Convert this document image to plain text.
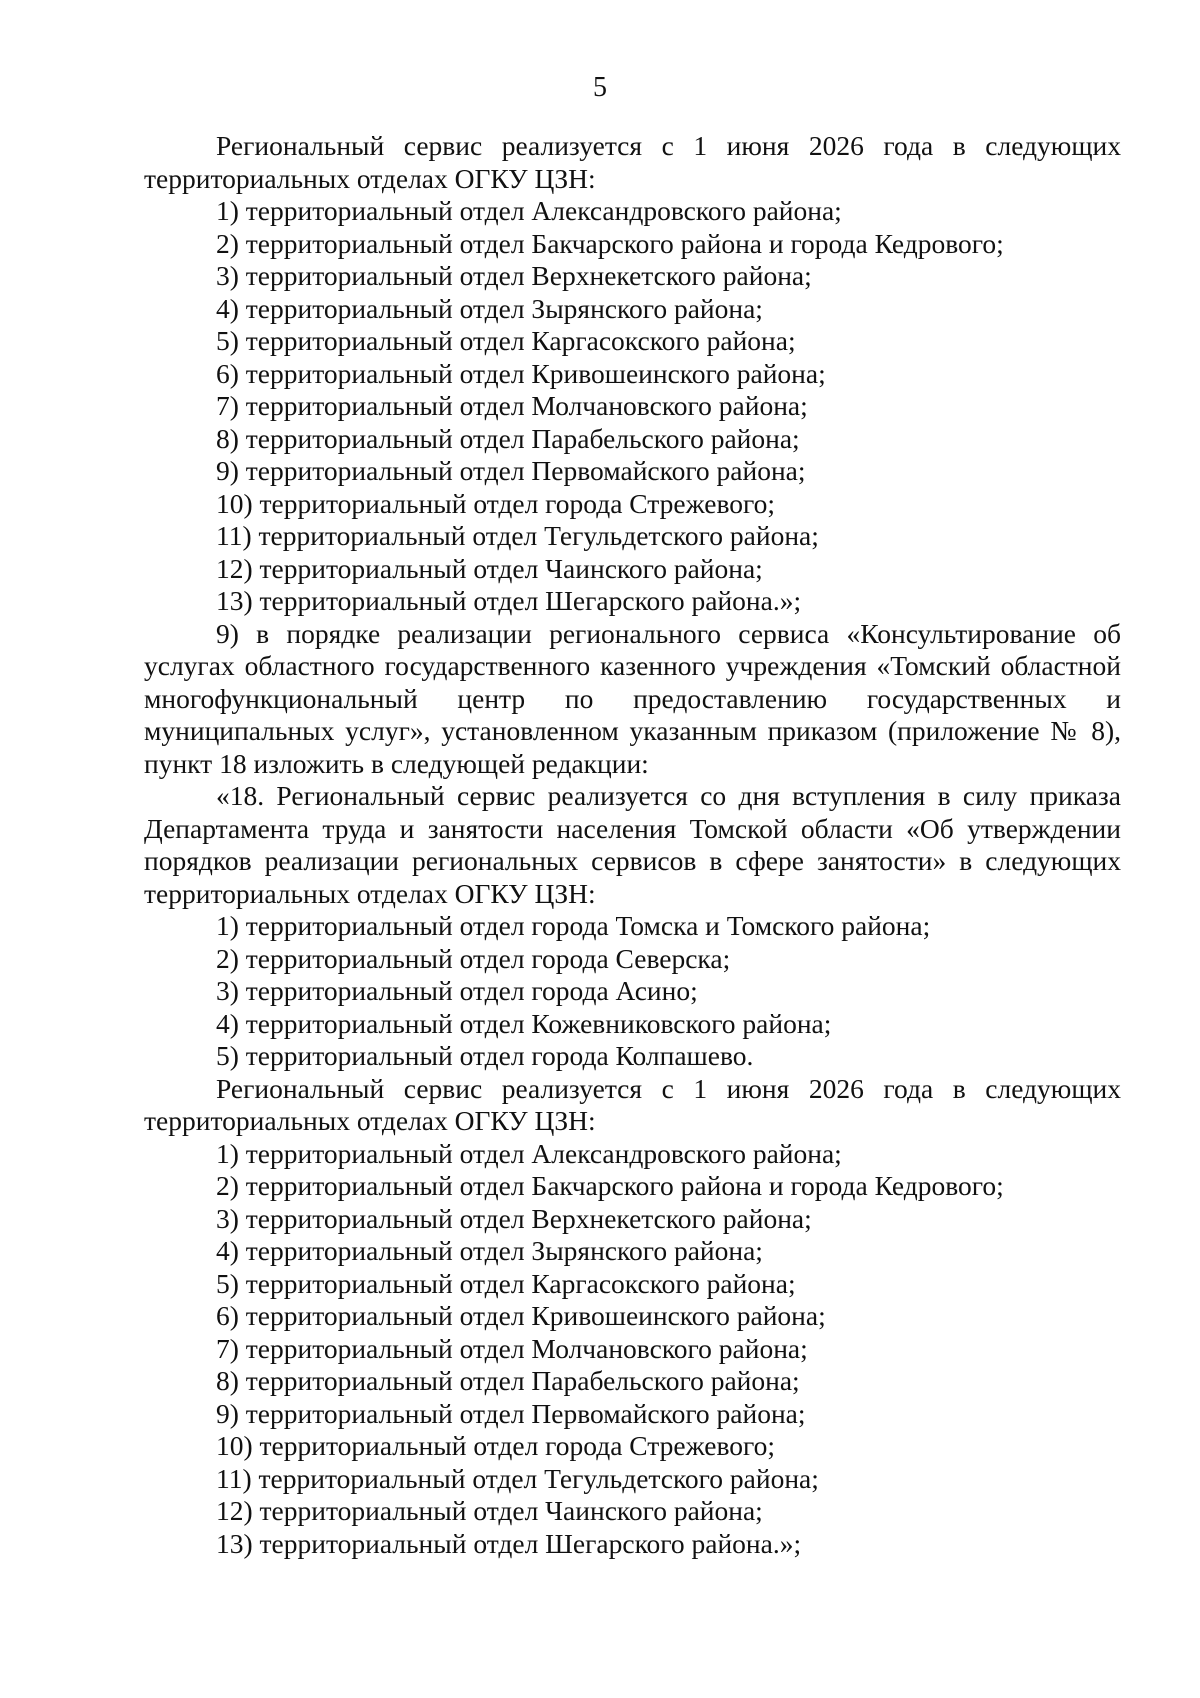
5
Региональный сервис реализуется с 1 июня 2026 года в следующих территориальных отделах ОГКУ ЦЗН:
1) территориальный отдел Александровского района;
2) территориальный отдел Бакчарского района и города Кедрового;
3) территориальный отдел Верхнекетского района;
4) территориальный отдел Зырянского района;
5) территориальный отдел Каргасокского района;
6) территориальный отдел Кривошеинского района;
7) территориальный отдел Молчановского района;
8) территориальный отдел Парабельского района;
9) территориальный отдел Первомайского района;
10) территориальный отдел города Стрежевого;
11) территориальный отдел Тегульдетского района;
12) территориальный отдел Чаинского района;
13) территориальный отдел Шегарского района.»;
9) в порядке реализации регионального сервиса «Консультирование об услугах областного государственного казенного учреждения «Томский областной многофункциональный центр по предоставлению государственных и муниципальных услуг», установленном указанным приказом (приложение № 8), пункт 18 изложить в следующей редакции:
«18. Региональный сервис реализуется со дня вступления в силу приказа Департамента труда и занятости населения Томской области «Об утверждении порядков реализации региональных сервисов в сфере занятости» в следующих территориальных отделах ОГКУ ЦЗН:
1) территориальный отдел города Томска и Томского района;
2) территориальный отдел города Северска;
3) территориальный отдел города Асино;
4) территориальный отдел Кожевниковского района;
5) территориальный отдел города Колпашево.
Региональный сервис реализуется с 1 июня 2026 года в следующих территориальных отделах ОГКУ ЦЗН:
1) территориальный отдел Александровского района;
2) территориальный отдел Бакчарского района и города Кедрового;
3) территориальный отдел Верхнекетского района;
4) территориальный отдел Зырянского района;
5) территориальный отдел Каргасокского района;
6) территориальный отдел Кривошеинского района;
7) территориальный отдел Молчановского района;
8) территориальный отдел Парабельского района;
9) территориальный отдел Первомайского района;
10) территориальный отдел города Стрежевого;
11) территориальный отдел Тегульдетского района;
12) территориальный отдел Чаинского района;
13) территориальный отдел Шегарского района.»;
